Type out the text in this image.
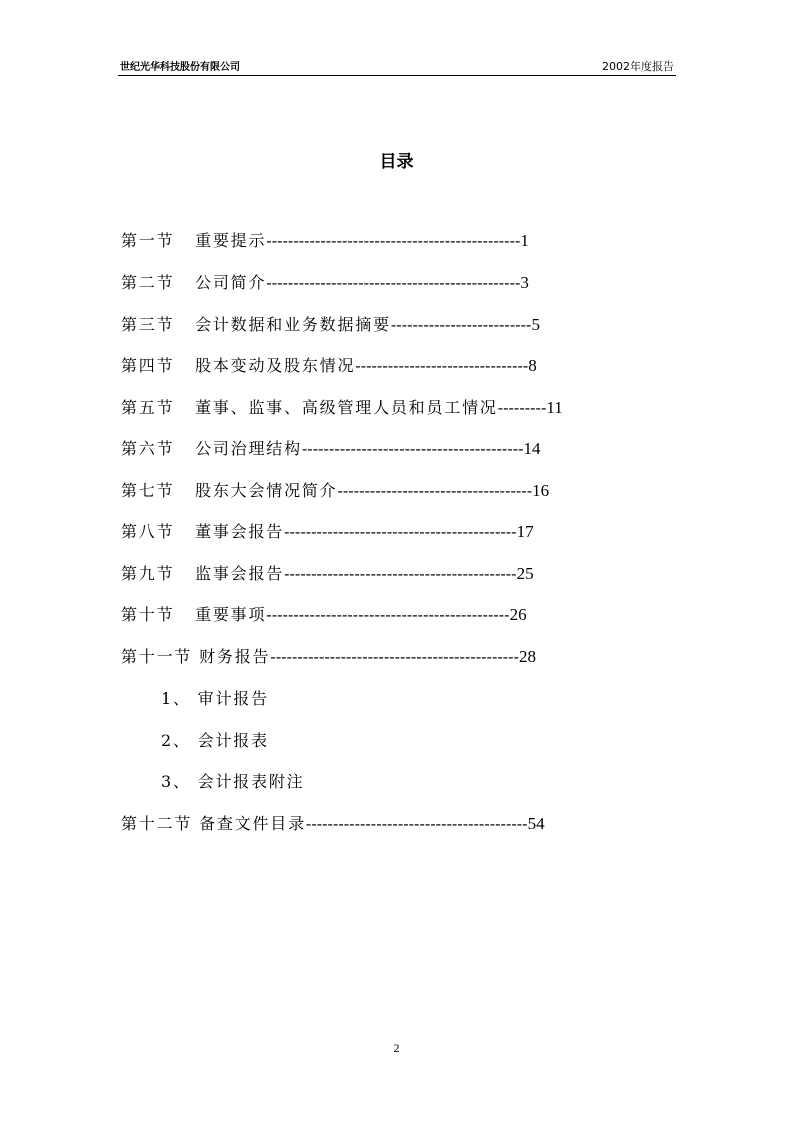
世纪光华科技股份有限公司	2002年度报告
目录
第一节 重要提示-----------------------------------------------1
第二节 公司简介-----------------------------------------------3
第三节 会计数据和业务数据摘要--------------------------5
第四节 股本变动及股东情况--------------------------------8
第五节 董事、监事、高级管理人员和员工情况---------11
第六节 公司治理结构-----------------------------------------14
第七节 股东大会情况简介------------------------------------16
第八节 董事会报告-------------------------------------------17
第九节 监事会报告-------------------------------------------25
第十节 重要事项---------------------------------------------26
第十一节 财务报告----------------------------------------------28
1、 审计报告
2、 会计报表
3、 会计报表附注
第十二节 备查文件目录-----------------------------------------54
2
